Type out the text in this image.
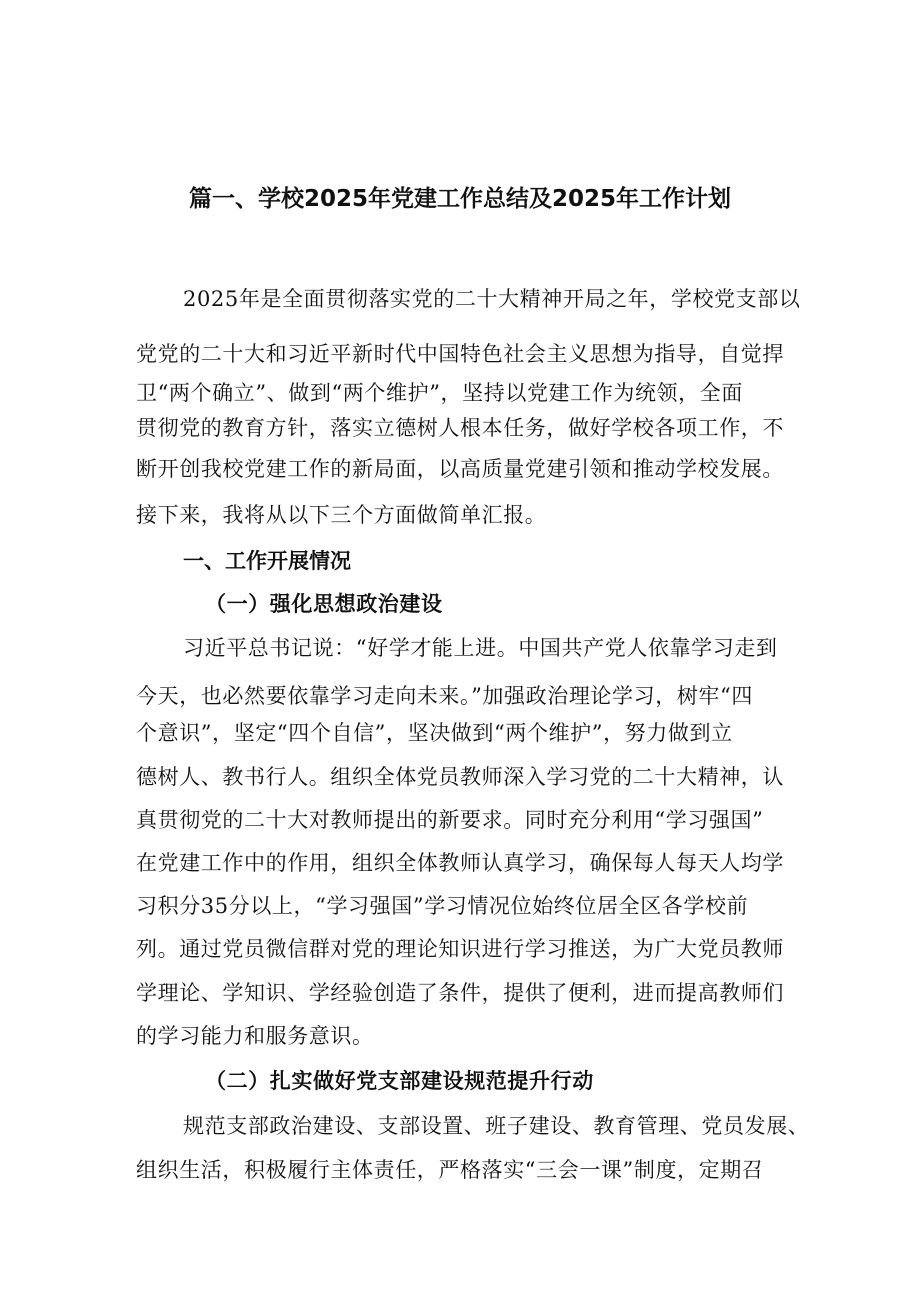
篇一、学校2025年党建工作总结及2025年工作计划

2025年是全面贯彻落实党的二十大精神开局之年，学校党支部以

党党的二十大和习近平新时代中国特色社会主义思想为指导，自觉捍

卫“两个确立”、做到“两个维护”，坚持以党建工作为统领，全面

贯彻党的教育方针，落实立德树人根本任务，做好学校各项工作，不

断开创我校党建工作的新局面，以高质量党建引领和推动学校发展。

接下来，我将从以下三个方面做简单汇报。

一、工作开展情况
（一）强化思想政治建设

习近平总书记说：“好学才能上进。中国共产党人依靠学习走到

今天，也必然要依靠学习走向未来。”加强政治理论学习，树牢“四

个意识”，坚定“四个自信”，坚决做到“两个维护”，努力做到立

德树人、教书行人。组织全体党员教师深入学习党的二十大精神，认

真贯彻党的二十大对教师提出的新要求。同时充分利用“学习强国”

在党建工作中的作用，组织全体教师认真学习，确保每人每天人均学

习积分35分以上，“学习强国”学习情况位始终位居全区各学校前

列。通过党员微信群对党的理论知识进行学习推送，为广大党员教师

学理论、学知识、学经验创造了条件，提供了便利，进而提高教师们

的学习能力和服务意识。

（二）扎实做好党支部建设规范提升行动

规范支部政治建设、支部设置、班子建设、教育管理、党员发展、

组织生活，积极履行主体责任，严格落实“三会一课”制度，定期召
